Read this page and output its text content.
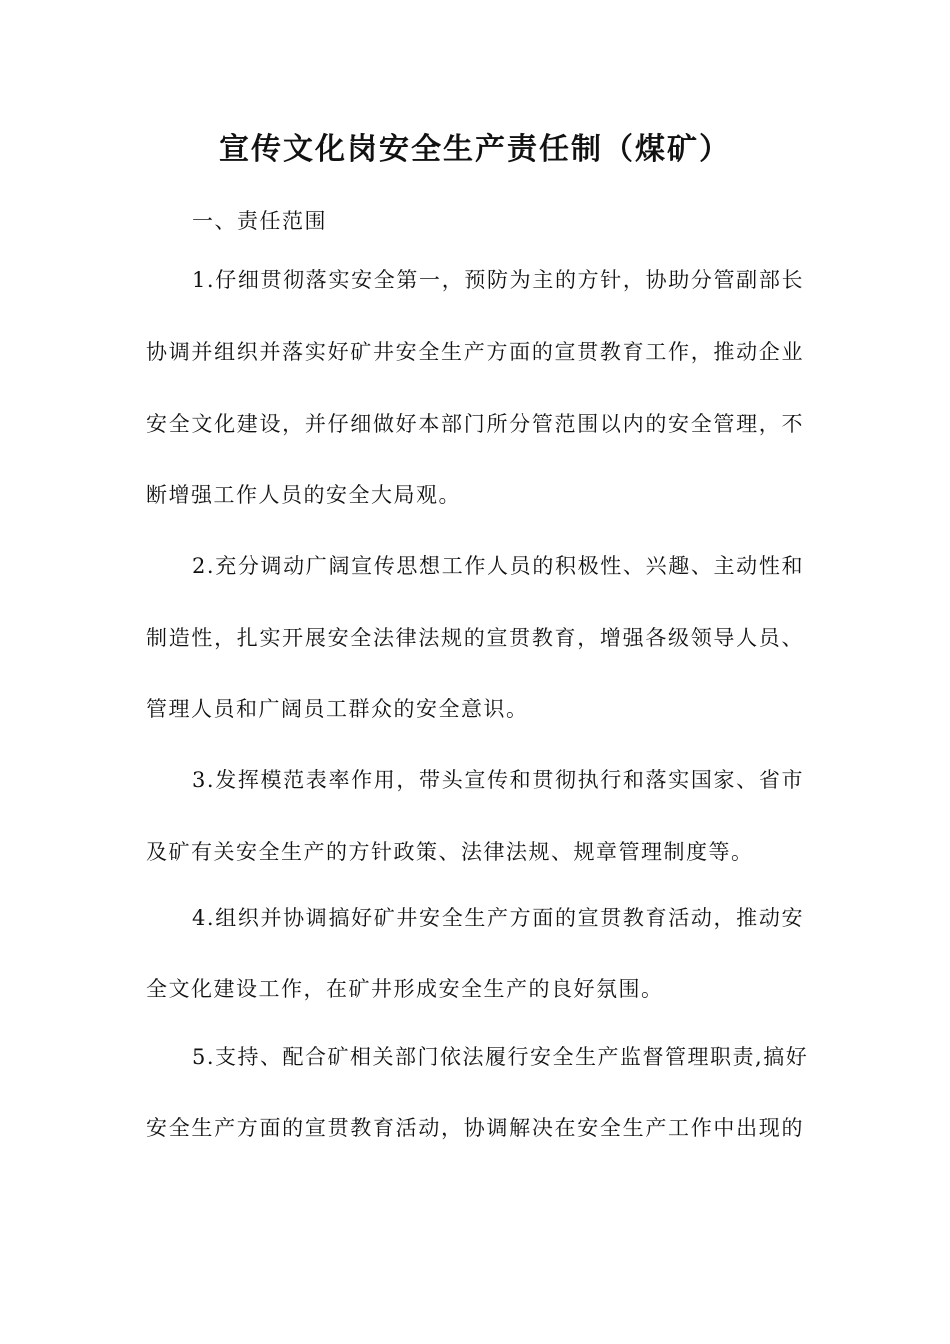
宣传文化岗安全生产责任制（煤矿）
一、责任范围
1.仔细贯彻落实安全第一，预防为主的方针，协助分管副部长
协调并组织并落实好矿井安全生产方面的宣贯教育工作，推动企业
安全文化建设，并仔细做好本部门所分管范围以内的安全管理，不
断增强工作人员的安全大局观。
2.充分调动广阔宣传思想工作人员的积极性、兴趣、主动性和
制造性，扎实开展安全法律法规的宣贯教育，增强各级领导人员、
管理人员和广阔员工群众的安全意识。
3.发挥模范表率作用，带头宣传和贯彻执行和落实国家、省市
及矿有关安全生产的方针政策、法律法规、规章管理制度等。
4.组织并协调搞好矿井安全生产方面的宣贯教育活动，推动安
全文化建设工作，在矿井形成安全生产的良好氛围。
5.支持、配合矿相关部门依法履行安全生产监督管理职责,搞好
安全生产方面的宣贯教育活动，协调解决在安全生产工作中出现的
